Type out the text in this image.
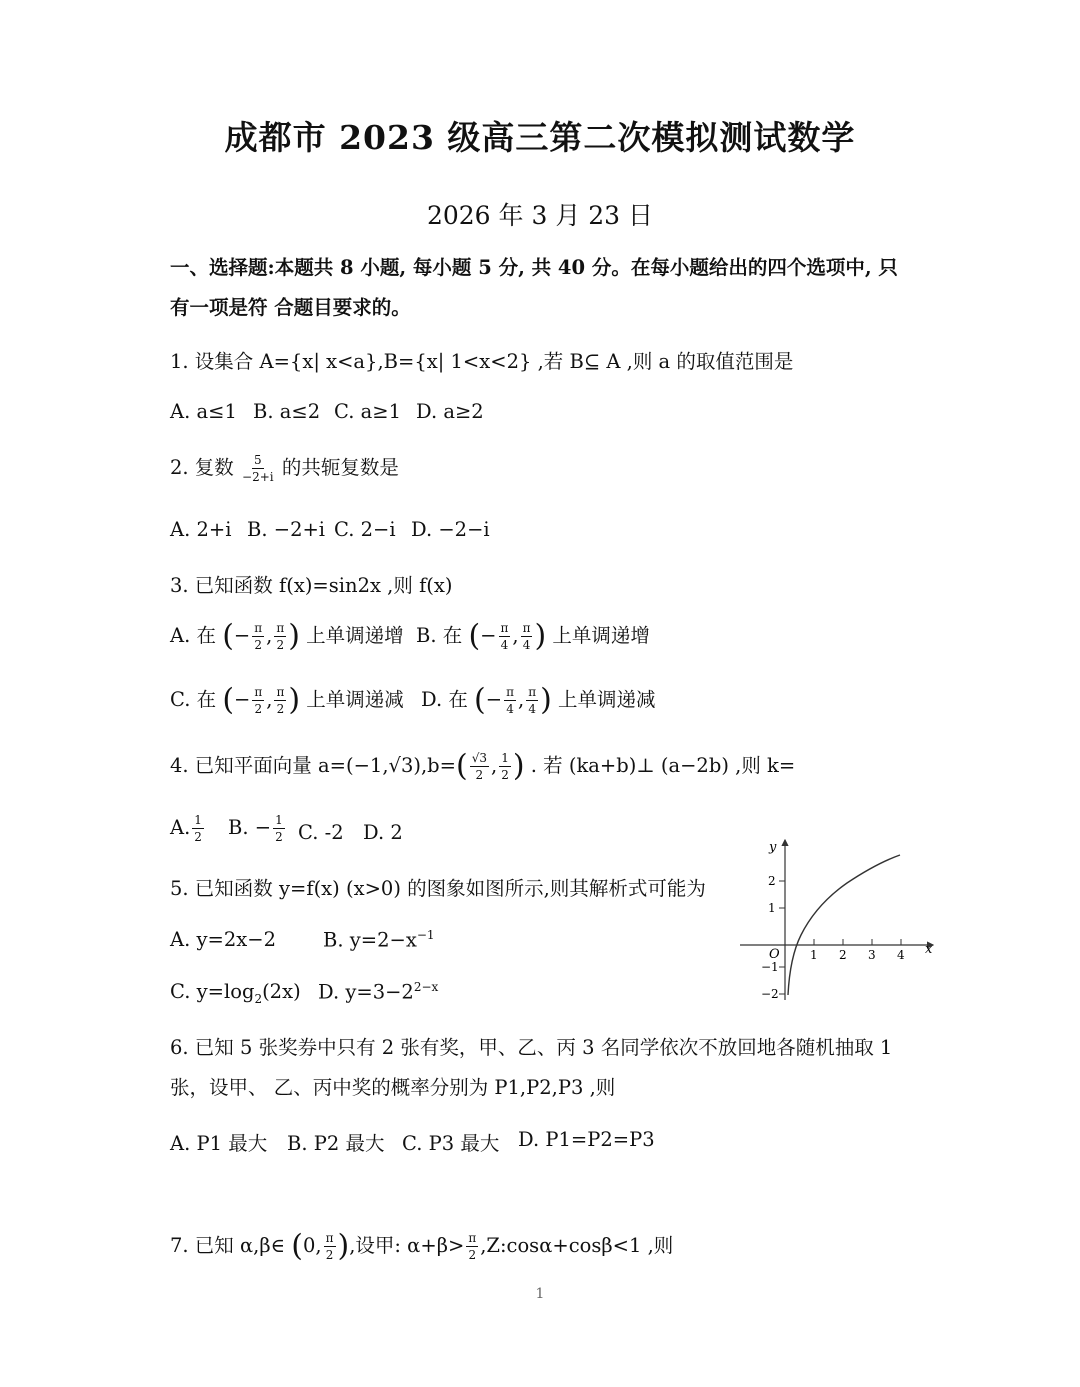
成都市 2023 级高三第二次模拟测试数学
2026 年 3 月 23 日
一、选择题:本题共 8 小题, 每小题 5 分, 共 40 分。在每小题给出的四个选项中, 只
有一项是符 合题目要求的。
1. 设集合 A={x| x<a},B={x| 1<x<2} ,若 B⊆ A ,则 a 的取值范围是
A. a≤1 B. a≤2 C. a≥1 D. a≥2
2. 复数 $\frac{5}{-2+i}$ 的共轭复数是
A. 2+i B. −2+i C. 2−i D. −2−i
3. 已知函数 f(x)=sin2x ,则 f(x)
A. 在 (− $\frac{\pi}{2}$ , $\frac{\pi}{2}$ ) 上单调递增 B. 在 (− $\frac{\pi}{4}$ , $\frac{\pi}{4}$ ) 上单调递增
C. 在 (− $\frac{\pi}{2}$ , $\frac{\pi}{2}$ ) 上单调递减 D. 在 (− $\frac{\pi}{4}$ , $\frac{\pi}{4}$ ) 上单调递减
4. 已知平面向量 $a=(-1,√3),b=( \frac{√3}{2}$ , $\frac{1}{2}$ ) . 若 (ka+b)⊥ (a−2b) ,则 k=
A. $\frac{1}{2} B$. − $\frac{1}{2} C$. -2 D. 2
5. 已知函数 y=f(x) (x>0) 的图象如图所示,则其解析式可能为
A. y=2x−2 B. $y=2-x^{-1}$
C. $y=\log_2(2x)$ D. $y=3-2^{2-x}$
y
x
O	1 2 3 4
2
1
−1
−2
6. 已知 5 张奖券中只有 2 张有奖，甲、乙、丙 3 名同学依次不放回地各随机抽取 1
张，设甲、 乙、丙中奖的概率分别为 P1,P2,P3 ,则
A. P1 最大 B. P2 最大 C. P3 最大 D. P1=P2=P3
7. 已知 α,β∈ (0, $\frac{\pi}{2}$ ),设甲: $\alpha+\beta> \frac{\pi}{2}$ ,Z:cosα+cosβ<1 ,则
1
